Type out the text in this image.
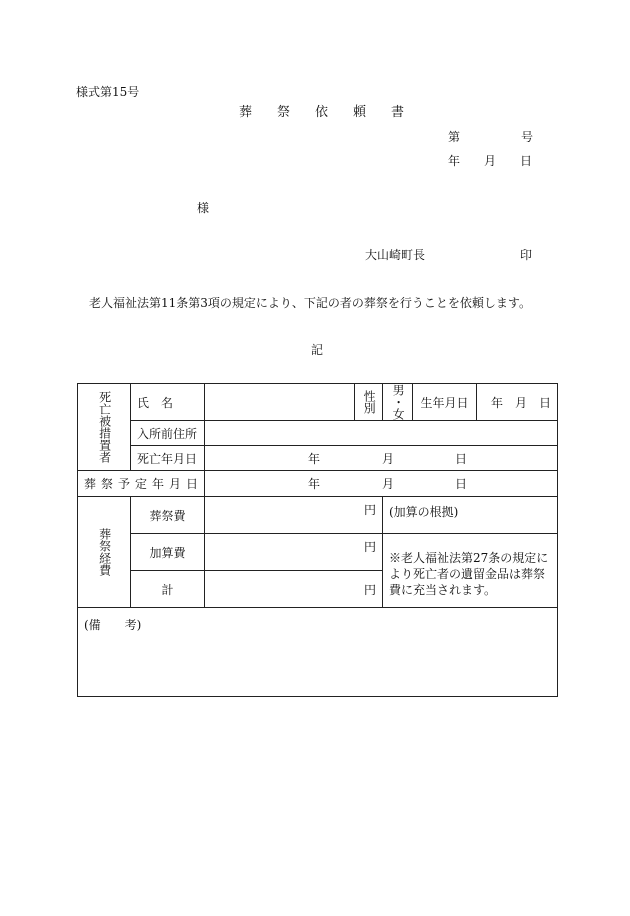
様式第15号
葬 祭 依 頼 書
第	号
年 月 日
様
大山崎町長	印
老人福祉法第11条第3項の規定により、下記の者の葬祭を行うことを依頼します。
記
死亡被措置者	氏　名		性別	男・女	生年月日	年　月　日
	入所前住所					
	死亡年月日	年 月 日				
葬祭予定年月日		年 月 日				

葬祭経費	葬祭費	円		(加算の根拠)		
	加算費	円		※老人福祉法第27条の規定により死亡者の遺留金品は葬祭費に充当されます。		
	計	円				
(備　　考)						
